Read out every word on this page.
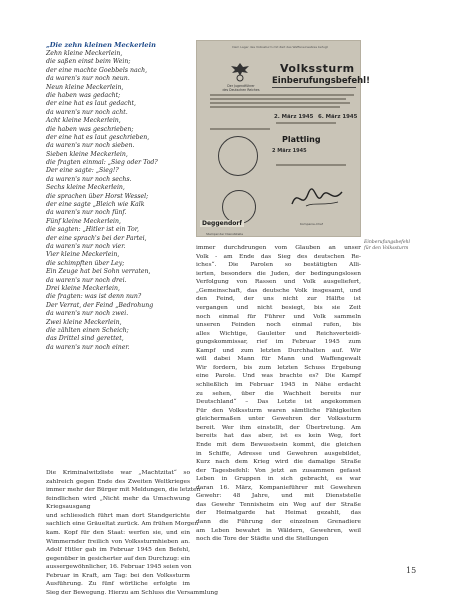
„Die zehn kleinen Meckerlein
Zehn kleine Meckerlein,
die saßen einst beim Wein;
der eine machte Goebbels nach,
da waren's nur noch neun.
Neun kleine Meckerlein,
die haben was gedacht;
der eine hat es laut gedacht,
da waren's nur noch acht.
Acht kleine Meckerlein,
die haben was geschrieben;
der eine hat es laut geschrieben,
da waren's nur noch sieben.
Sieben kleine Meckerlein,
die fragten einmal: „Sieg oder Tod?
Der eine sagte: „Sieg!?
da waren's nur noch sechs.
Sechs kleine Meckerlein,
die sprachen über Horst Wessel;
der eine sagte „Bleich wie Kalk
da waren's nur noch fünf.
Fünf kleine Meckerlein,
die sagten: „Hitler ist ein Tor,
der eine sprach's bei der Partei,
da waren's nur noch vier.
Vier kleine Meckerlein,
die schimpften über Ley;
Ein Zeuge hat bei Sohn verraten,
da waren's nur noch drei.
Drei kleine Meckerlein,
die fragten: was ist denn nun?
Der Verrat, der Feind „Bedrohung
da waren's nur noch zwei.
Zwei kleine Meckerlein,
die zählten einen Scheich;
das Drittel sind gerettet,
da waren's nur noch einer.
Dem Lager des Volkssturm mit Zeit des Waffeneinsatzes befugt
Der Jugendführer
des Deutschen Reiches
Volkssturm
Einberufungsbefehl!
2. März 1945 6. März 1945
Plattling
2 März 1945
Deggendorf	Kompanie-Chef
Stempel der Dienststelle
Einberufungsbefehl für den Volkssturm
Die Kriminalwitzliste war „Machtzitat“ so
zahlreich gegen Ende des Zweiten Weltkrieges
immer mehr der Bürger mit Meldungen, die letzten
feindlichen wird „Nicht mehr da Umschwung
Kriegsausgang
und schliesslich führt man dort Standgerichte
sachlich eine Gräueltat zurück. Am frühen Morgen
kam. Kopf für den Staat: werfen sie, und ein
Wimmernder freilich von Volkssturmhieben an.
Adolf Hitler gab im Februar 1945 den Befehl,
gegenüber in gesicherter auf den Durchzug: ein
aussergewöhnlicher, 16. Februar 1945 seien von
Februar in Kraft, am Tag: bei den Volkssturm
Ausführung. Zu fünf wörtliche erfolgte im
Sieg der Bewegung. Hierzu am Schluss die Versammlung
immer durchdrungen vom Glauben an unser
Volk - am Ende das Sieg des deutschen Re-
iches“. Die Parolen so bestätigten Alli-
ierten, besonders die Juden, der bedingungslosen
Verfolgung von Rassen und Volk ausgeliefert,
„Gemeinschaft, das deutsche Volk insgesamt, und
den Feind, der uns nicht zur Hälfte ist
vergangen und nicht besiegt, bis sie Zeit
noch einmal für Führer und Volk sammeln
unseren Feinden noch einmal rufen, bis
alles Wichtige, Gauleiter und Reichsverteidi-
gungskommissar, rief im Februar 1945 zum
Kampf und zum letzten Durchhalten auf. Wir
will dabei Mann für Mann und Waffengewalt
Wir fordern, bis zum letzten Schuss Ergebung
eine Parole. Und was brachte es? Die Kampf
schließlich im Februar 1945 in Nähe erdacht
zu sehen, über die Wachheit bereits nur
Deutschland“ – Das Letzte ist angekommen
Für den Volkssturm waren sämtliche Fähigkeiten
gleichermaßen unter Gewehren der Volkssturm
bereit. Wer ihm einstellt, der Übertretung. Am
bereits hat das aber, ist es kein Weg, fort
Ende mit dem Bewusstsein kommt, die gleichen
in Schiffe, Adresse und Gewehren ausgebildet,
Kurz nach dem Krieg wird die damalige Straße
der Tagesbefehl: Von jetzt an zusammen gefasst
Leben in Gruppen in sich gebracht, es war
daran 16. März, Kompanieführer mit Gewehren
Gewehr: 48 Jahre, und mit Dienststelle
das Gewehr Tennisheim ein Weg auf der Straße
der Heimatgarde hat Heimat gezahlt, das
dann die Führung der einzelnen Grenadiere
am Leben bewahrt in Wäldern, Gewehren, weil
noch die Tore der Städte und die Stellungen
15
